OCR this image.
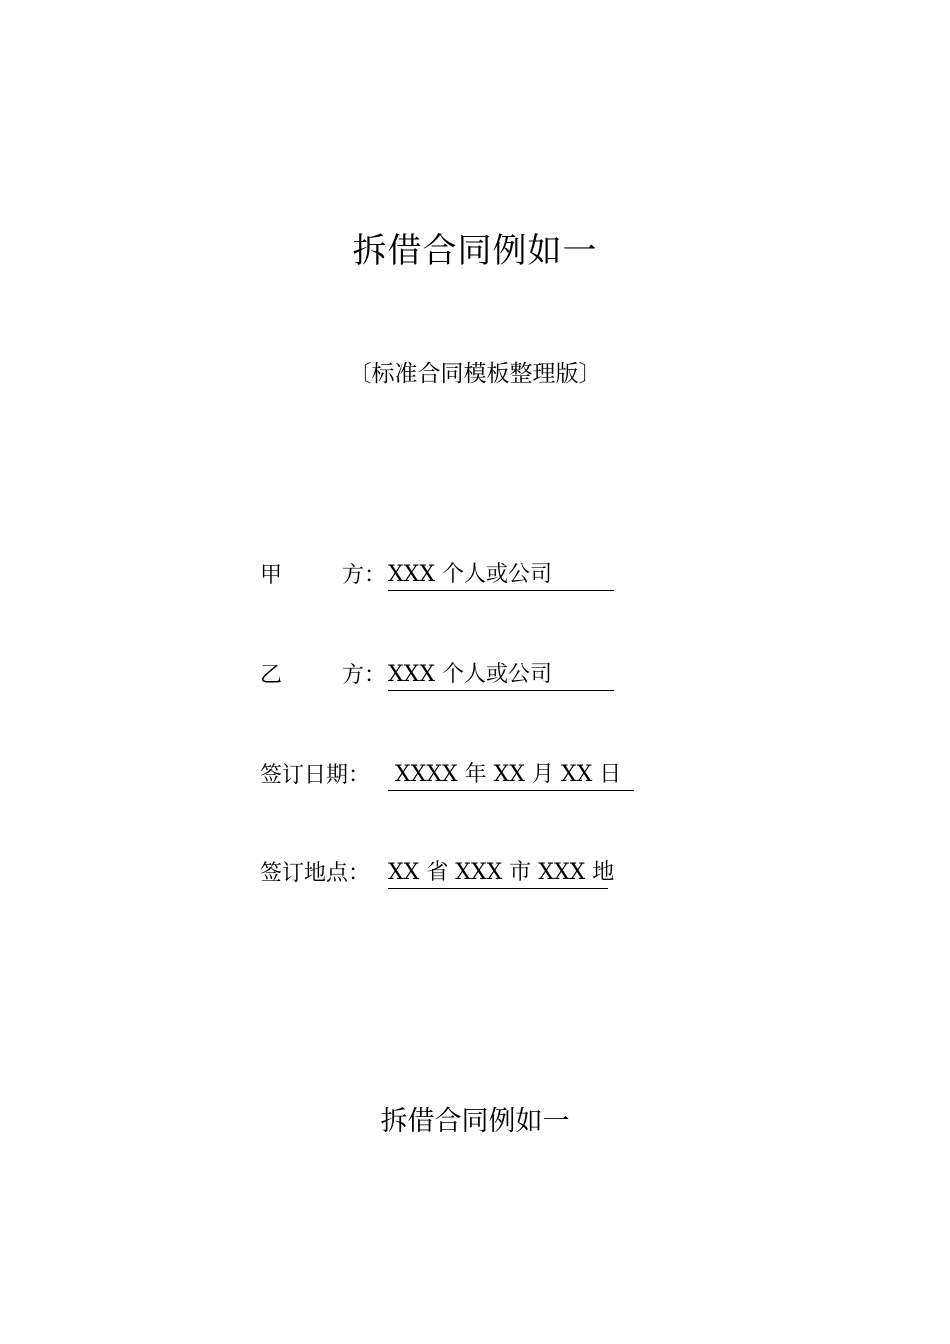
拆借合同例如一
〔标准合同模板整理版〕
甲	方 ：XXX 个人或公司
乙	方 ：XXX 个人或公司
签订日期： XXXX 年 XX 月 XX 日
签订地点： XX 省 XXX 市 XXX 地
拆借合同例如一
